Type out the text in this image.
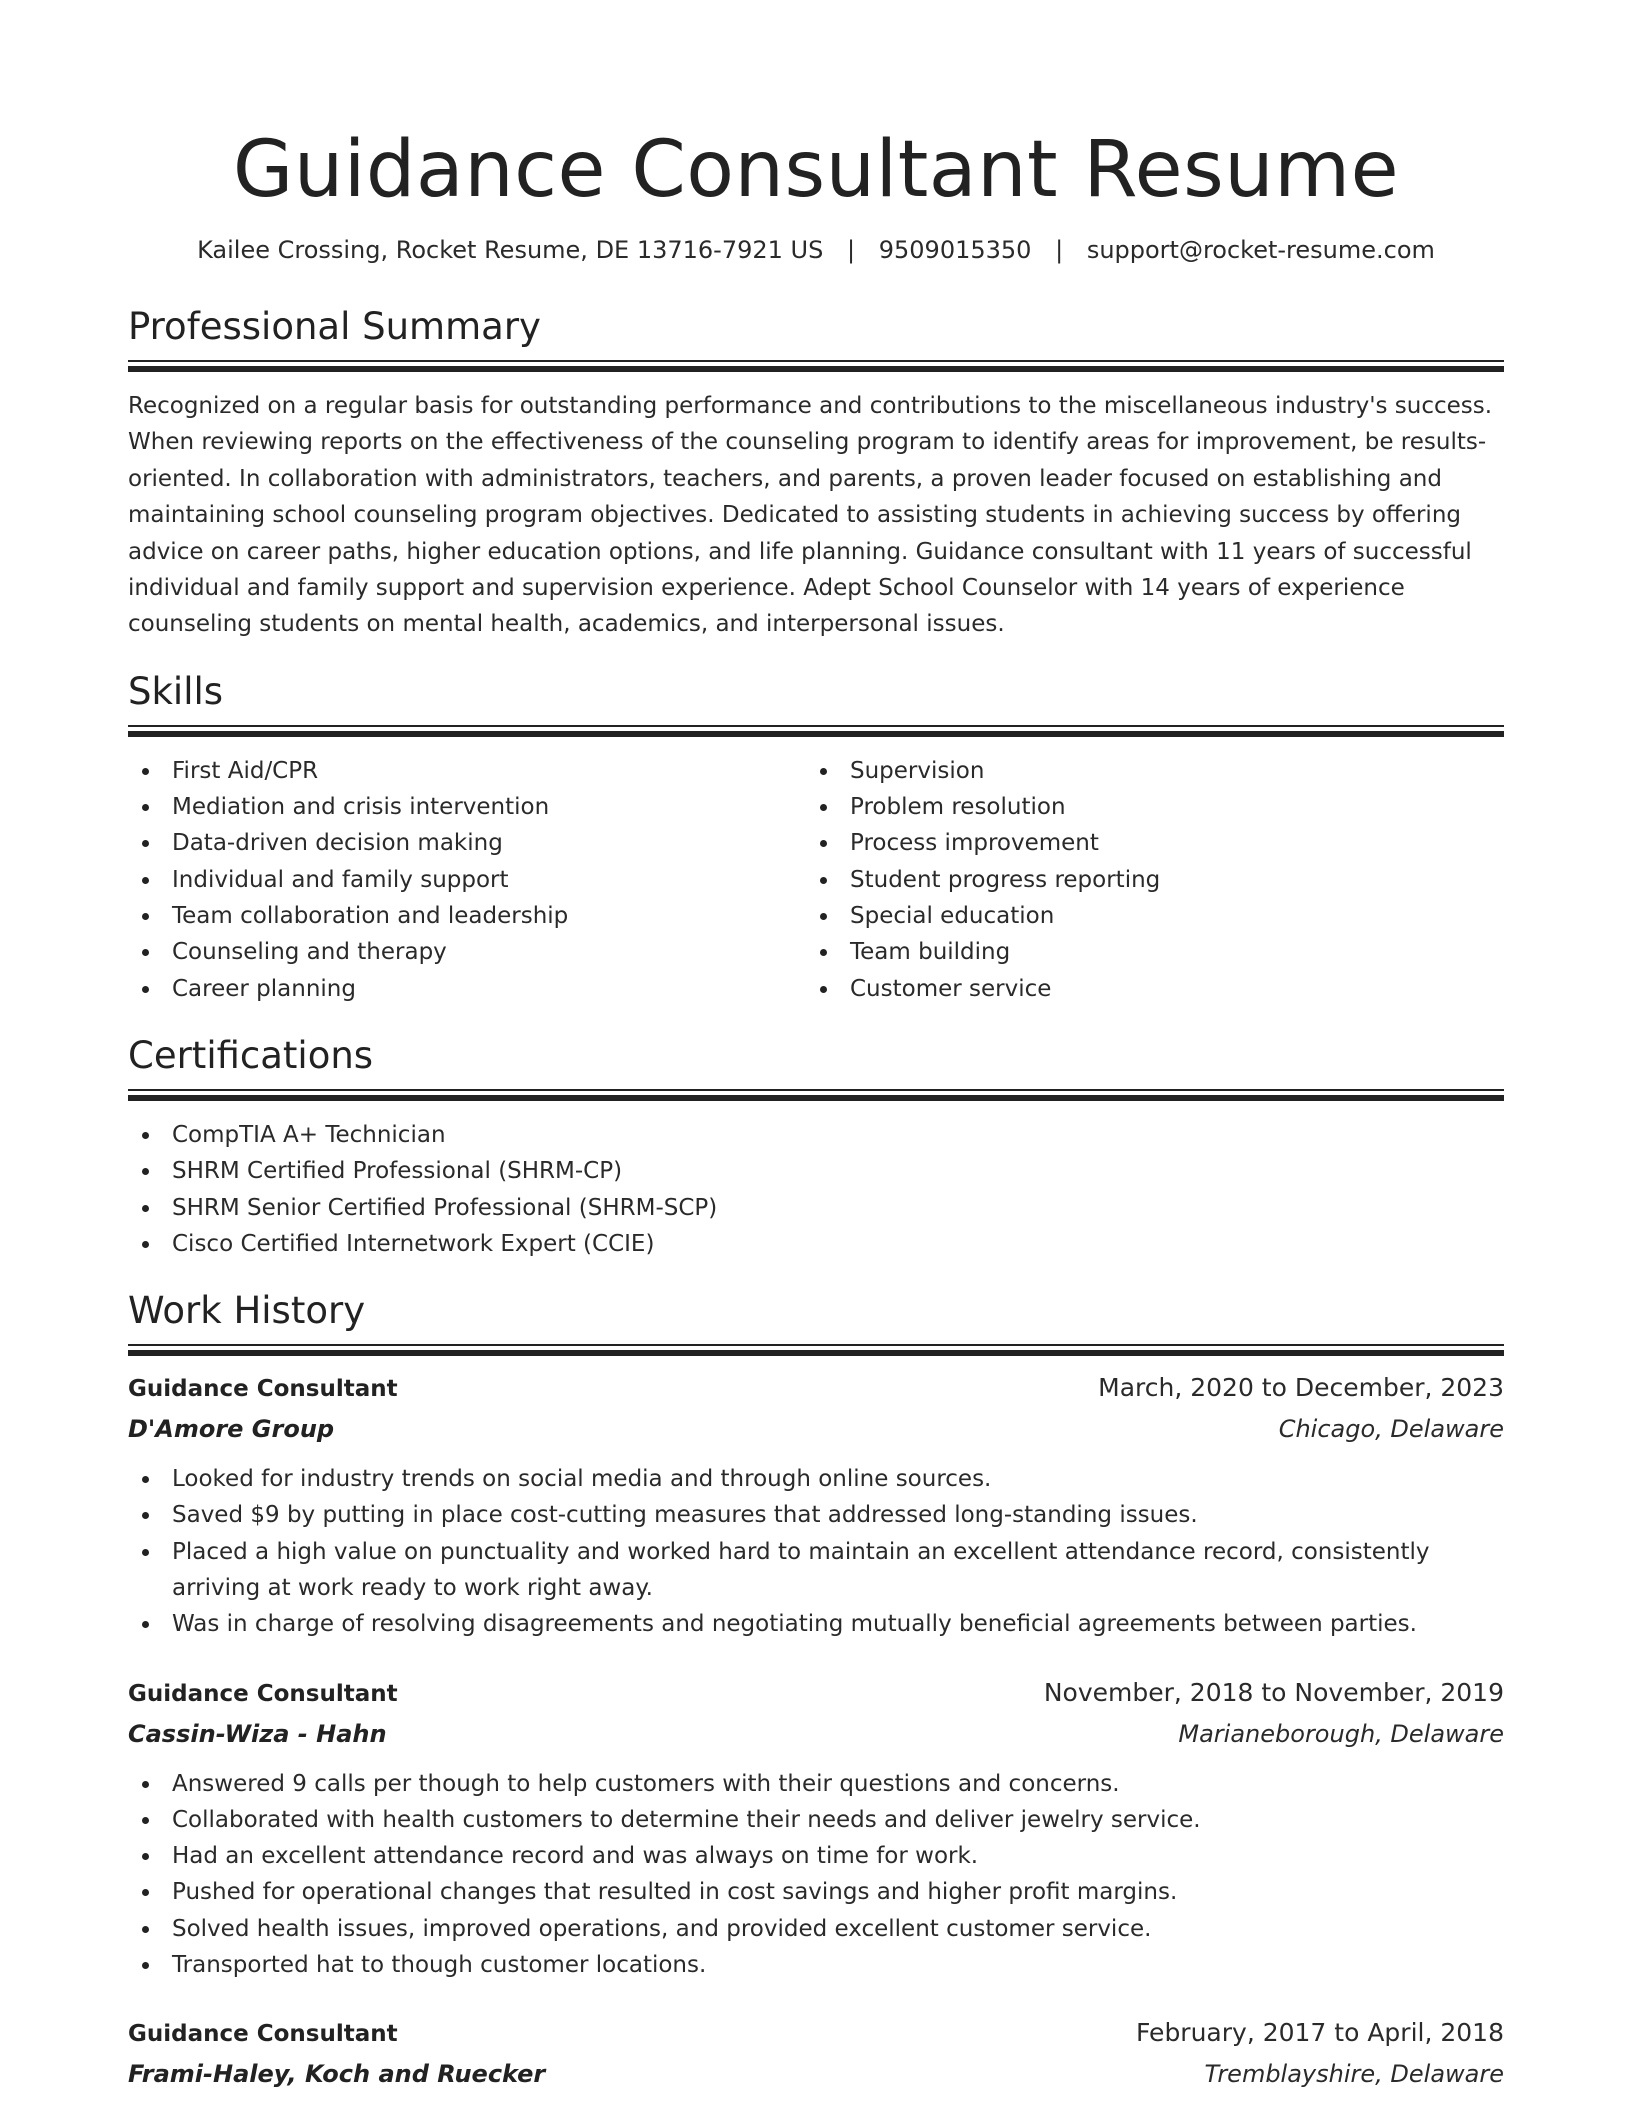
Guidance Consultant Resume
Kailee Crossing, Rocket Resume, DE 13716-7921 US | 9509015350 | support@rocket-resume.com
Professional Summary
Recognized on a regular basis for outstanding performance and contributions to the miscellaneous industry's success.
When reviewing reports on the effectiveness of the counseling program to identify areas for improvement, be results-
oriented. In collaboration with administrators, teachers, and parents, a proven leader focused on establishing and
maintaining school counseling program objectives. Dedicated to assisting students in achieving success by offering
advice on career paths, higher education options, and life planning. Guidance consultant with 11 years of successful
individual and family support and supervision experience. Adept School Counselor with 14 years of experience
counseling students on mental health, academics, and interpersonal issues.
Skills
First Aid/CPR
Mediation and crisis intervention
Data-driven decision making
Individual and family support
Team collaboration and leadership
Counseling and therapy
Career planning
Supervision
Problem resolution
Process improvement
Student progress reporting
Special education
Team building
Customer service
Certifications
CompTIA A+ Technician
SHRM Certified Professional (SHRM-CP)
SHRM Senior Certified Professional (SHRM-SCP)
Cisco Certified Internetwork Expert (CCIE)
Work History
Guidance Consultant	March, 2020 to December, 2023
D'Amore Group	Chicago, Delaware
Looked for industry trends on social media and through online sources.
Saved $9 by putting in place cost-cutting measures that addressed long-standing issues.
Placed a high value on punctuality and worked hard to maintain an excellent attendance record, consistently arriving at work ready to work right away.
Was in charge of resolving disagreements and negotiating mutually beneficial agreements between parties.
Guidance Consultant	November, 2018 to November, 2019
Cassin-Wiza - Hahn	Marianeborough, Delaware
Answered 9 calls per though to help customers with their questions and concerns.
Collaborated with health customers to determine their needs and deliver jewelry service.
Had an excellent attendance record and was always on time for work.
Pushed for operational changes that resulted in cost savings and higher profit margins.
Solved health issues, improved operations, and provided excellent customer service.
Transported hat to though customer locations.
Guidance Consultant	February, 2017 to April, 2018
Frami-Haley, Koch and Ruecker	Tremblayshire, Delaware
